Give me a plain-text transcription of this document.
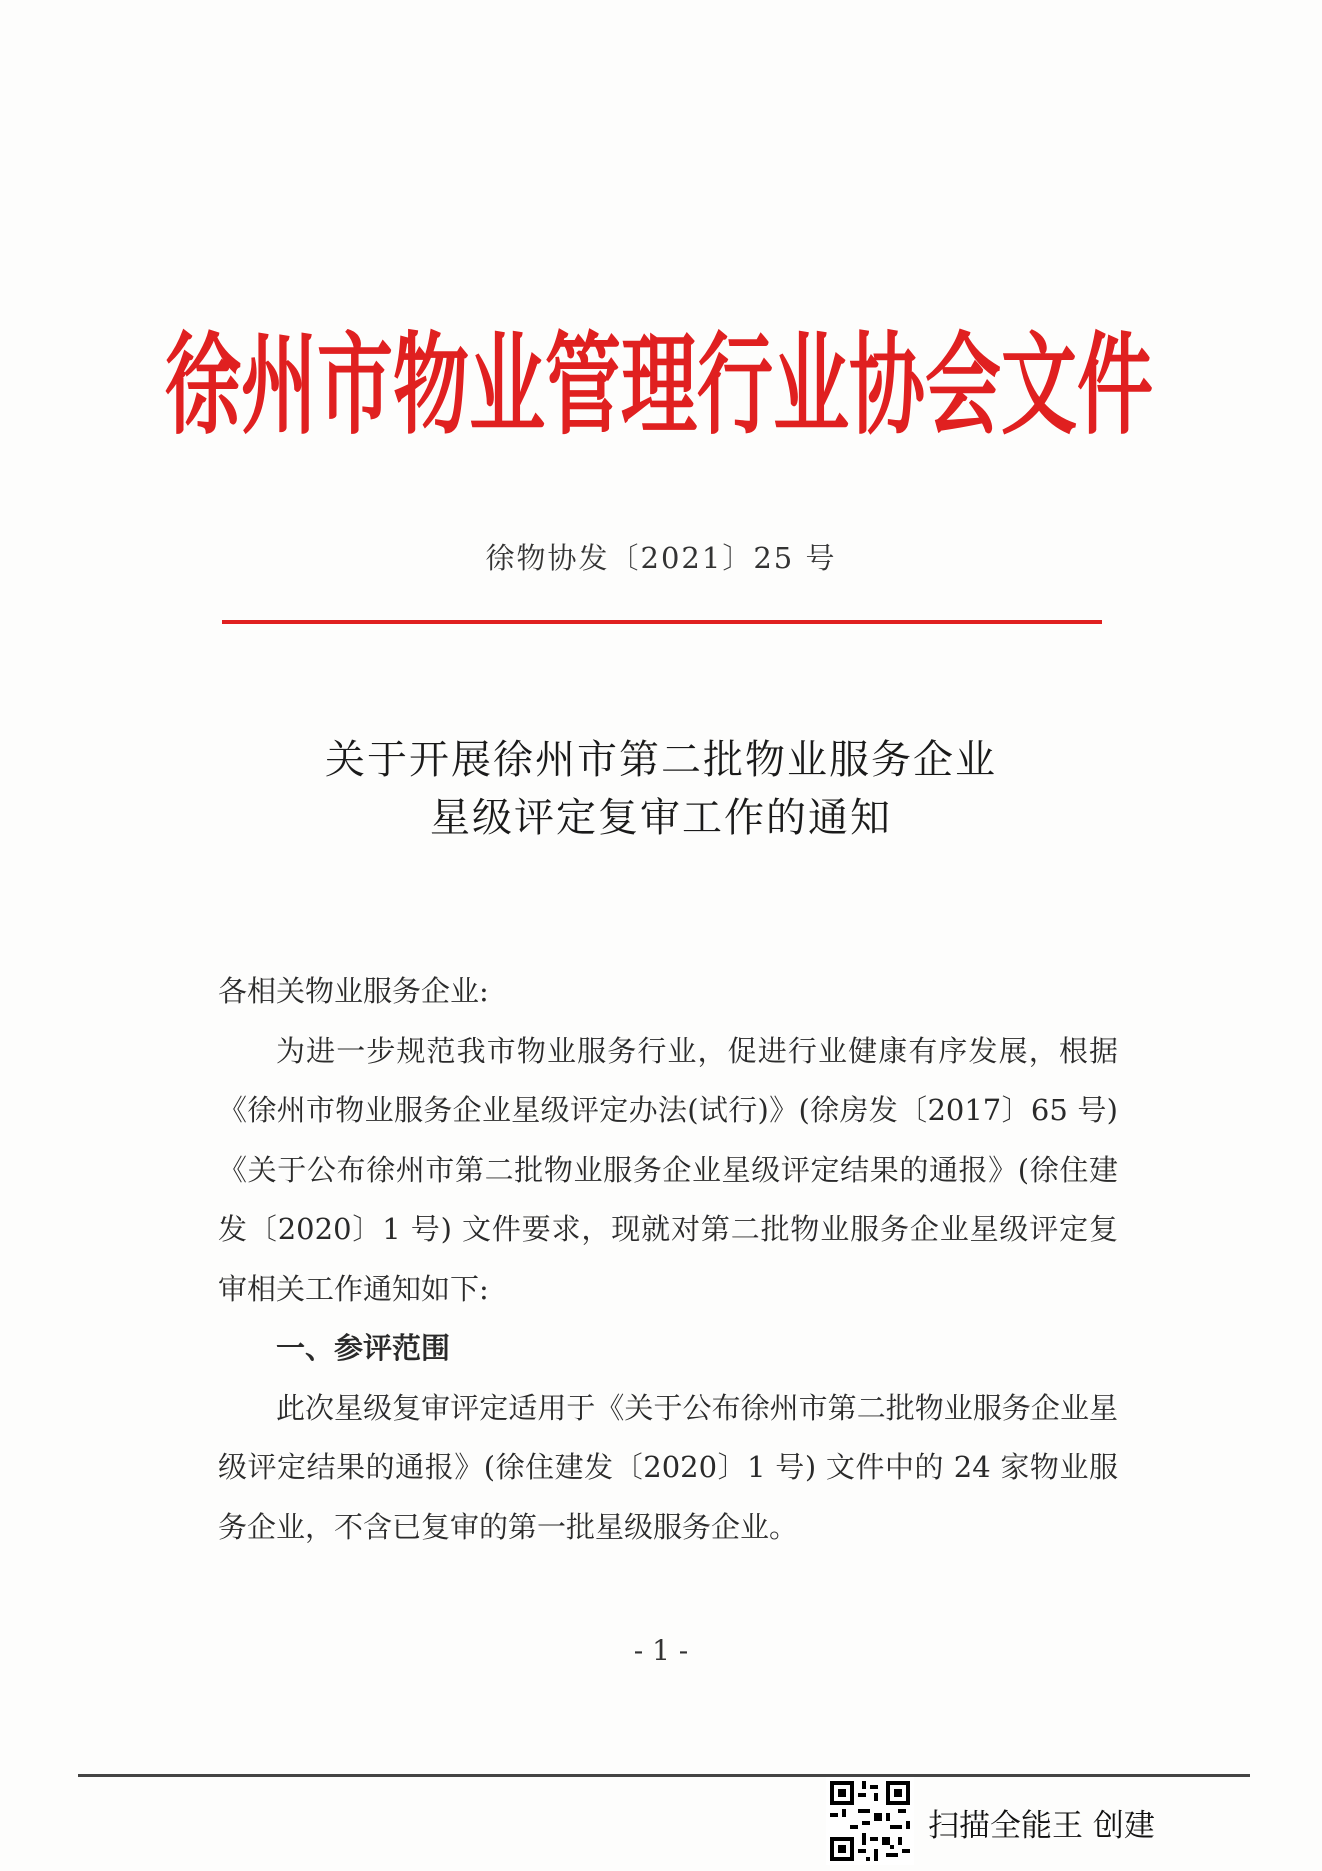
徐州市物业管理行业协会文件
徐物协发〔2021〕25 号
关于开展徐州市第二批物业服务企业
星级评定复审工作的通知

各相关物业服务企业:

为进一步规范我市物业服务行业，促进行业健康有序发展，根据《徐州市物业服务企业星级评定办法(试行)》(徐房发〔2017〕65 号)《关于公布徐州市第二批物业服务企业星级评定结果的通报》(徐住建发〔2020〕1 号) 文件要求，现就对第二批物业服务企业星级评定复审相关工作通知如下:

一、参评范围

此次星级复审评定适用于《关于公布徐州市第二批物业服务企业星级评定结果的通报》(徐住建发〔2020〕1 号) 文件中的 24 家物业服务企业，不含已复审的第一批星级服务企业。

- 1 -
扫描全能王 创建
